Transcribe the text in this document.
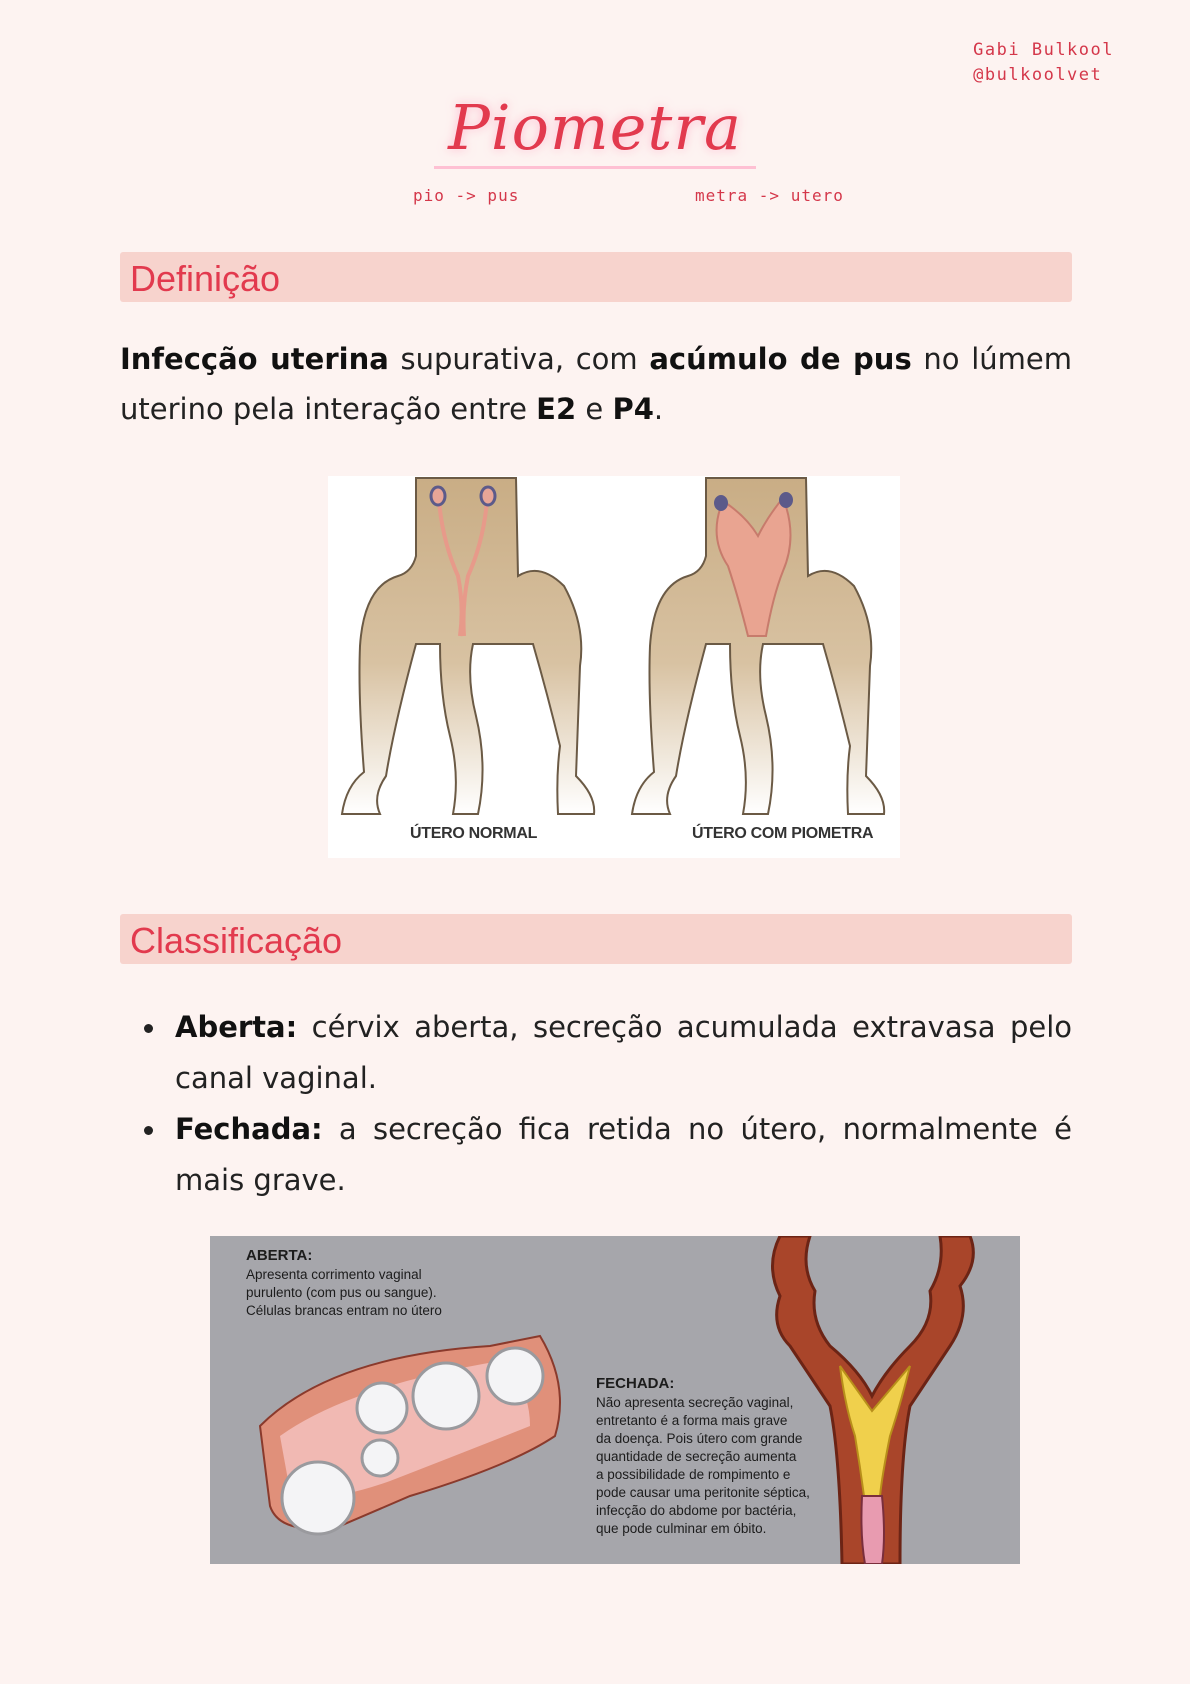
Gabi Bulkool
@bulkoolvet
Piometra
pio -> pus	metra -> utero
Definição
Infecção uterina supurativa, com acúmulo de pus no lúmem uterino pela interação entre E2 e P4.
ÚTERO NORMAL	ÚTERO COM PIOMETRA
Classificação
Aberta: cérvix aberta, secreção acumulada extravasa pelo canal vaginal.
Fechada: a secreção fica retida no útero, normalmente é mais grave.
ABERTA:
Apresenta corrimento vaginal
purulento (com pus ou sangue).
Células brancas entram no útero
FECHADA:
Não apresenta secreção vaginal,
entretanto é a forma mais grave
da doença. Pois útero com grande
quantidade de secreção aumenta
a possibilidade de rompimento e
pode causar uma peritonite séptica,
infecção do abdome por bactéria,
que pode culminar em óbito.
